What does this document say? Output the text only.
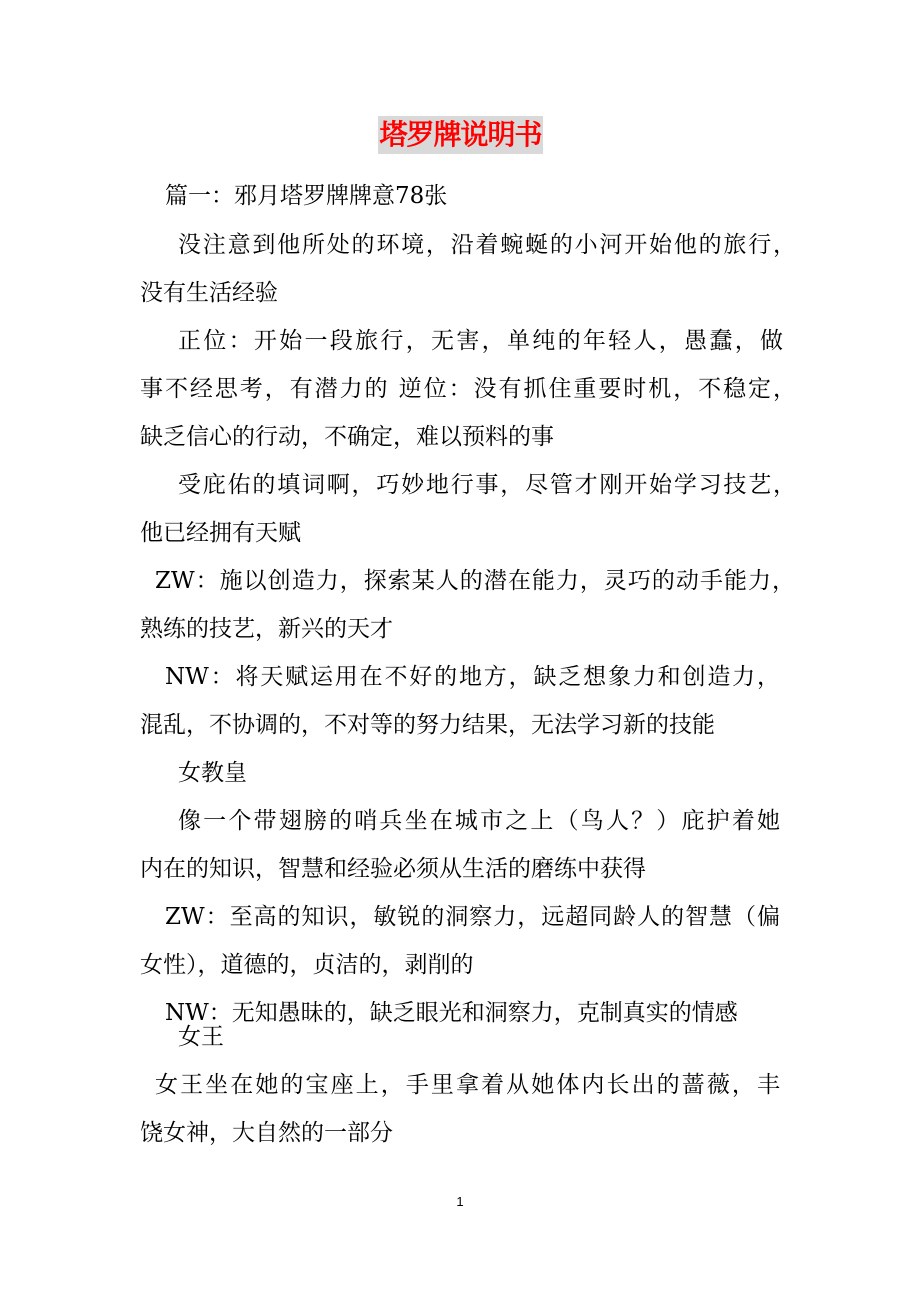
塔罗牌说明书
篇一：邪月塔罗牌牌意78张
没注意到他所处的环境，沿着蜿蜒的小河开始他的旅行，
没有生活经验
正位：开始一段旅行，无害，单纯的年轻人，愚蠢，做
事不经思考，有潜力的 逆位：没有抓住重要时机，不稳定，
缺乏信心的行动，不确定，难以预料的事
受庇佑的填词啊，巧妙地行事，尽管才刚开始学习技艺，
他已经拥有天赋
ZW：施以创造力，探索某人的潜在能力，灵巧的动手能力，
熟练的技艺，新兴的天才
NW：将天赋运用在不好的地方，缺乏想象力和创造力，
混乱，不协调的，不对等的努力结果，无法学习新的技能
女教皇
像一个带翅膀的哨兵坐在城市之上（鸟人？）庇护着她
内在的知识，智慧和经验必须从生活的磨练中获得
ZW：至高的知识，敏锐的洞察力，远超同龄人的智慧（偏
女性），道德的，贞洁的，剥削的
NW：无知愚昧的，缺乏眼光和洞察力，克制真实的情感
女王
女王坐在她的宝座上，手里拿着从她体内长出的蔷薇，丰
饶女神，大自然的一部分
1
